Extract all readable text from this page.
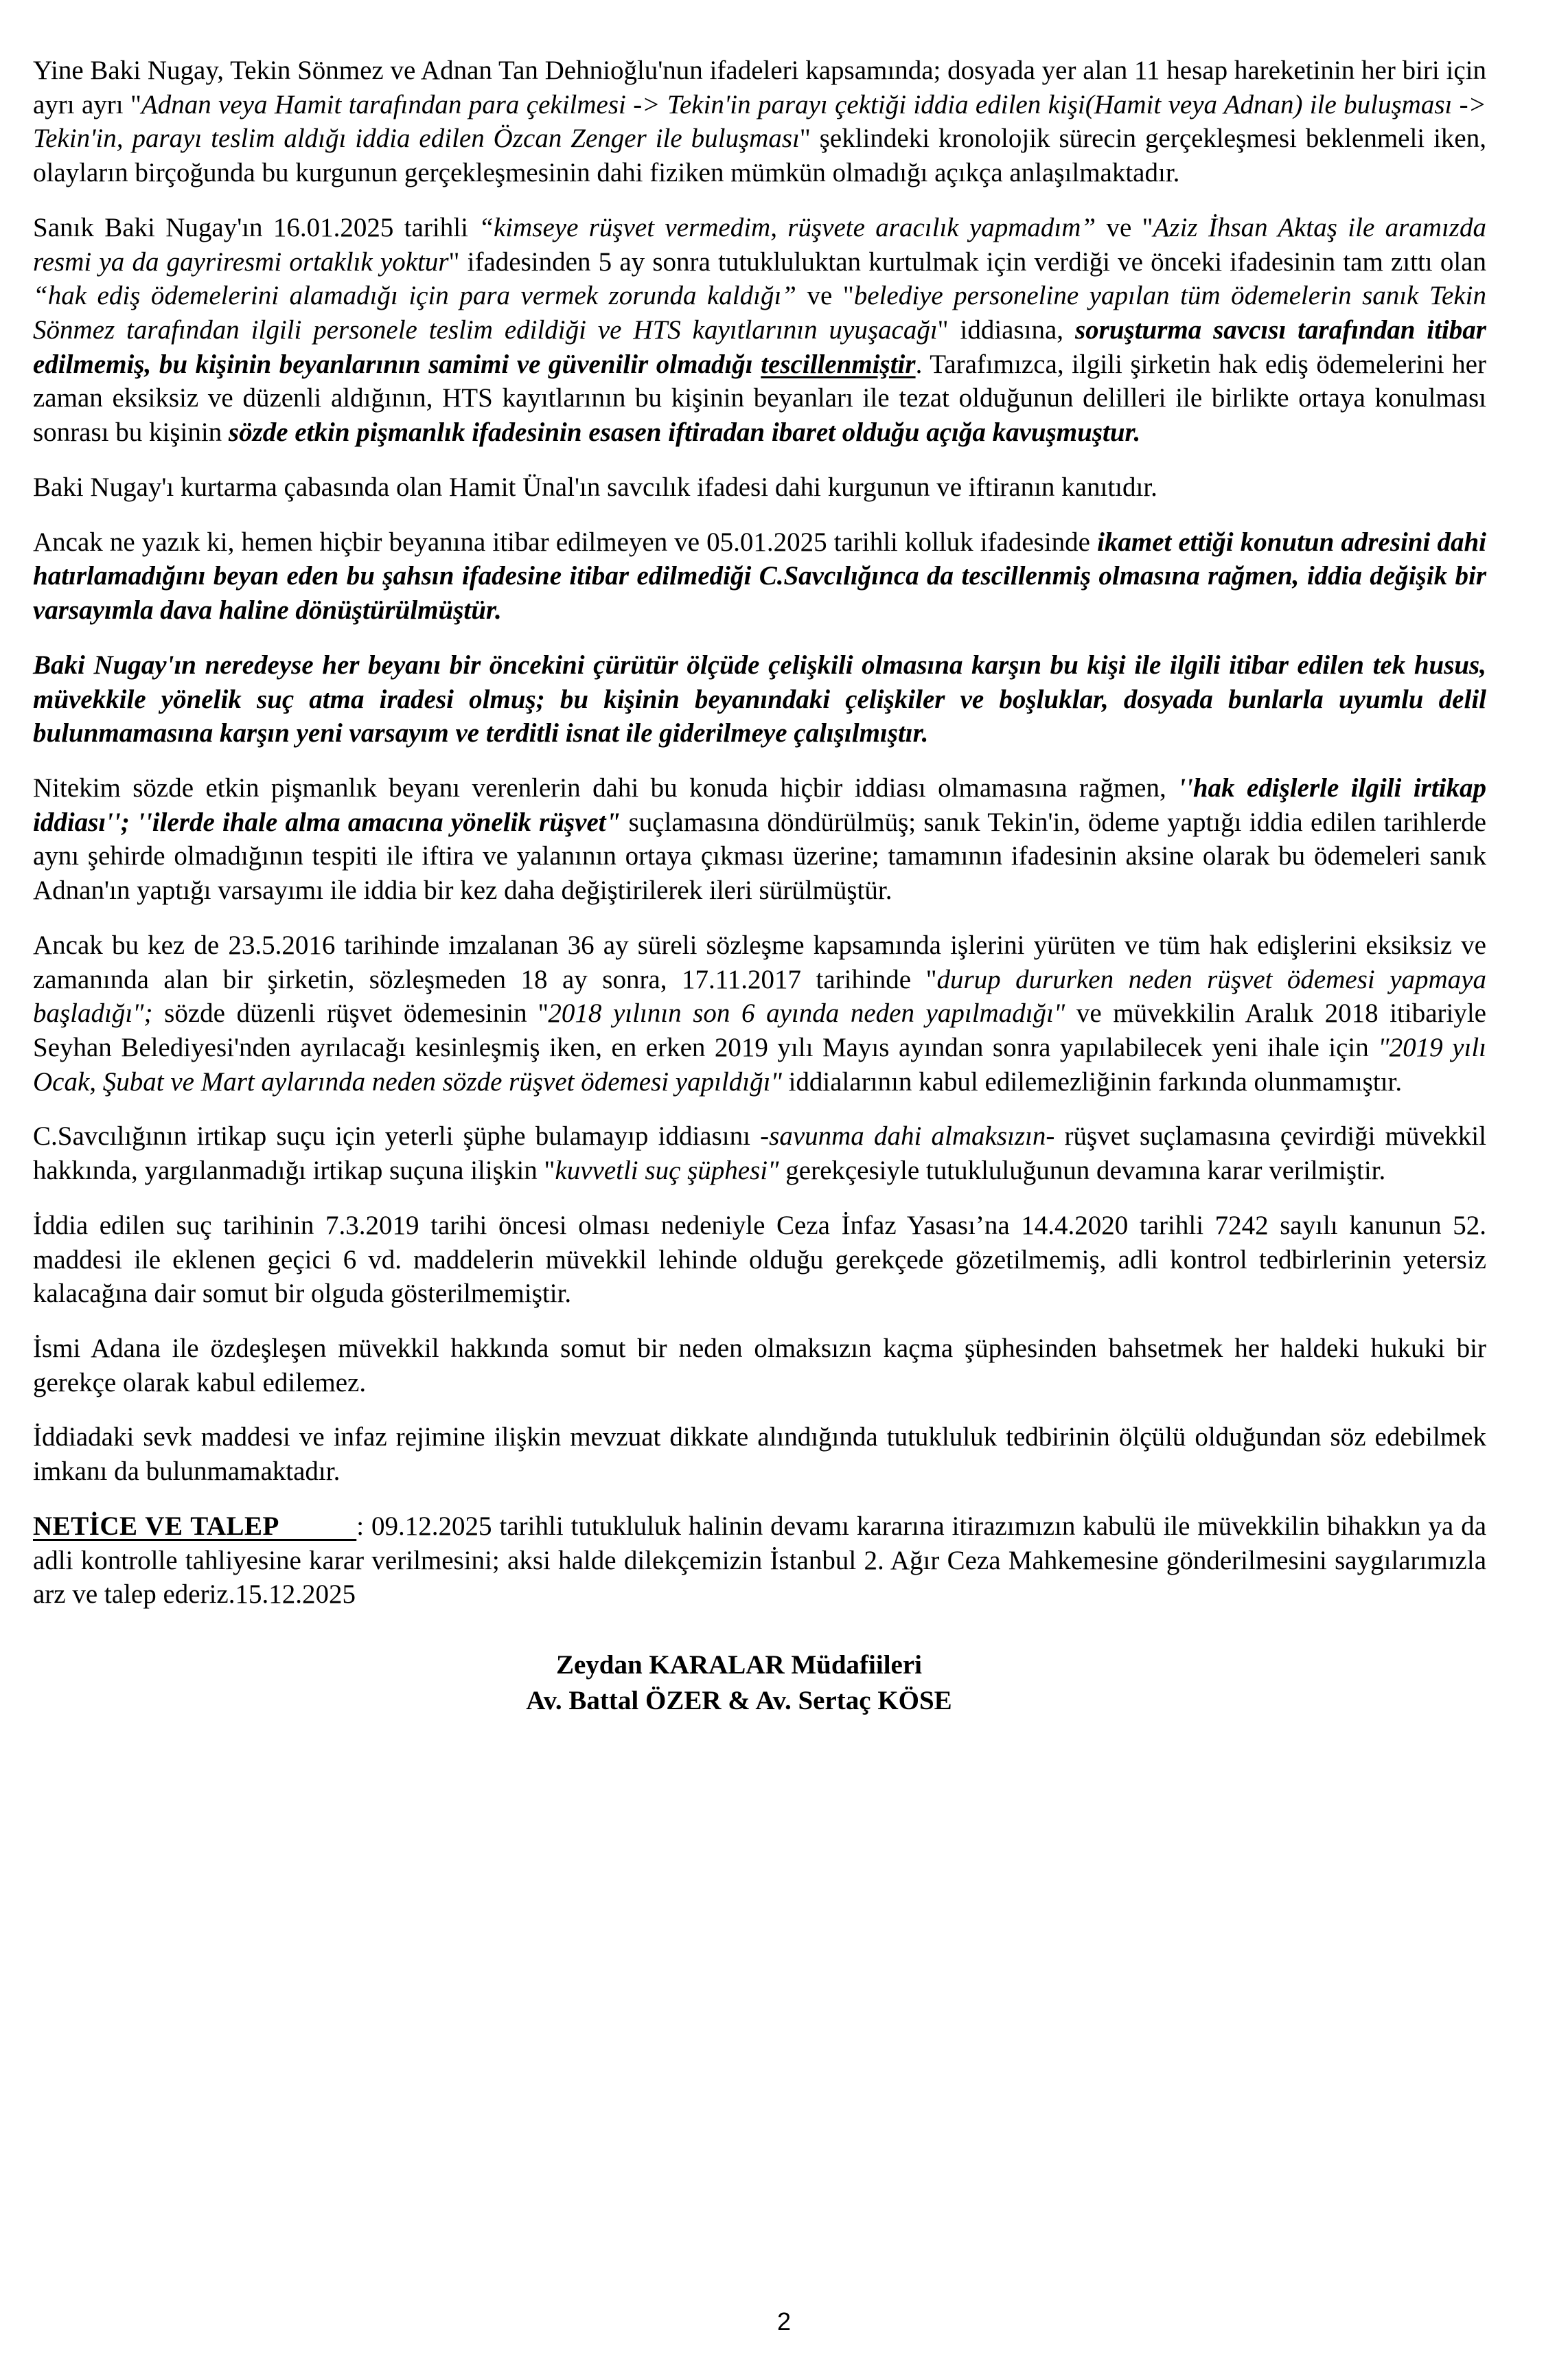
Yine Baki Nugay, Tekin Sönmez ve Adnan Tan Dehnioğlu'nun ifadeleri kapsamında; dosyada yer alan 11 hesap hareketinin her biri için ayrı ayrı "Adnan veya Hamit tarafından para çekilmesi -> Tekin'in parayı çektiği iddia edilen kişi(Hamit veya Adnan) ile buluşması -> Tekin'in, parayı teslim aldığı iddia edilen Özcan Zenger ile buluşması" şeklindeki kronolojik sürecin gerçekleşmesi beklenmeli iken, olayların birçoğunda bu kurgunun gerçekleşmesinin dahi fiziken mümkün olmadığı açıkça anlaşılmaktadır.

Sanık Baki Nugay'ın 16.01.2025 tarihli “kimseye rüşvet vermedim, rüşvete aracılık yapmadım” ve "Aziz İhsan Aktaş ile aramızda resmi ya da gayriresmi ortaklık yoktur" ifadesinden 5 ay sonra tutukluluktan kurtulmak için verdiği ve önceki ifadesinin tam zıttı olan “hak ediş ödemelerini alamadığı için para vermek zorunda kaldığı” ve "belediye personeline yapılan tüm ödemelerin sanık Tekin Sönmez tarafından ilgili personele teslim edildiği ve HTS kayıtlarının uyuşacağı" iddiasına, soruşturma savcısı tarafından itibar edilmemiş, bu kişinin beyanlarının samimi ve güvenilir olmadığı tescillenmiştir. Tarafımızca, ilgili şirketin hak ediş ödemelerini her zaman eksiksiz ve düzenli aldığının, HTS kayıtlarının bu kişinin beyanları ile tezat olduğunun delilleri ile birlikte ortaya konulması sonrası bu kişinin sözde etkin pişmanlık ifadesinin esasen iftiradan ibaret olduğu açığa kavuşmuştur.

Baki Nugay'ı kurtarma çabasında olan Hamit Ünal'ın savcılık ifadesi dahi kurgunun ve iftiranın kanıtıdır.

Ancak ne yazık ki, hemen hiçbir beyanına itibar edilmeyen ve 05.01.2025 tarihli kolluk ifadesinde ikamet ettiği konutun adresini dahi hatırlamadığını beyan eden bu şahsın ifadesine itibar edilmediği C.Savcılığınca da tescillenmiş olmasına rağmen, iddia değişik bir varsayımla dava haline dönüştürülmüştür.

Baki Nugay'ın neredeyse her beyanı bir öncekini çürütür ölçüde çelişkili olmasına karşın bu kişi ile ilgili itibar edilen tek husus, müvekkile yönelik suç atma iradesi olmuş; bu kişinin beyanındaki çelişkiler ve boşluklar, dosyada bunlarla uyumlu delil bulunmamasına karşın yeni varsayım ve terditli isnat ile giderilmeye çalışılmıştır.

Nitekim sözde etkin pişmanlık beyanı verenlerin dahi bu konuda hiçbir iddiası olmamasına rağmen, ''hak edişlerle ilgili irtikap iddiası''; ''ilerde ihale alma amacına yönelik rüşvet" suçlamasına döndürülmüş; sanık Tekin'in, ödeme yaptığı iddia edilen tarihlerde aynı şehirde olmadığının tespiti ile iftira ve yalanının ortaya çıkması üzerine; tamamının ifadesinin aksine olarak bu ödemeleri sanık Adnan'ın yaptığı varsayımı ile iddia bir kez daha değiştirilerek ileri sürülmüştür.

Ancak bu kez de 23.5.2016 tarihinde imzalanan 36 ay süreli sözleşme kapsamında işlerini yürüten ve tüm hak edişlerini eksiksiz ve zamanında alan bir şirketin, sözleşmeden 18 ay sonra, 17.11.2017 tarihinde "durup dururken neden rüşvet ödemesi yapmaya başladığı"; sözde düzenli rüşvet ödemesinin ''2018 yılının son 6 ayında neden yapılmadığı" ve müvekkilin Aralık 2018 itibariyle Seyhan Belediyesi'nden ayrılacağı kesinleşmiş iken, en erken 2019 yılı Mayıs ayından sonra yapılabilecek yeni ihale için "2019 yılı Ocak, Şubat ve Mart aylarında neden sözde rüşvet ödemesi yapıldığı" iddialarının kabul edilemezliğinin farkında olunmamıştır.

C.Savcılığının irtikap suçu için yeterli şüphe bulamayıp iddiasını -savunma dahi almaksızın- rüşvet suçlamasına çevirdiği müvekkil hakkında, yargılanmadığı irtikap suçuna ilişkin "kuvvetli suç şüphesi" gerekçesiyle tutukluluğunun devamına karar verilmiştir.

İddia edilen suç tarihinin 7.3.2019 tarihi öncesi olması nedeniyle Ceza İnfaz Yasası’na 14.4.2020 tarihli 7242 sayılı kanunun 52. maddesi ile eklenen geçici 6 vd. maddelerin müvekkil lehinde olduğu gerekçede gözetilmemiş, adli kontrol tedbirlerinin yetersiz kalacağına dair somut bir olguda gösterilmemiştir.

İsmi Adana ile özdeşleşen müvekkil hakkında somut bir neden olmaksızın kaçma şüphesinden bahsetmek her haldeki hukuki bir gerekçe olarak kabul edilemez.

İddiadaki sevk maddesi ve infaz rejimine ilişkin mevzuat dikkate alındığında tutukluluk tedbirinin ölçülü olduğundan söz edebilmek imkanı da bulunmamaktadır.

NETİCE VE TALEP          : 09.12.2025 tarihli tutukluluk halinin devamı kararına itirazımızın kabulü ile müvekkilin bihakkın ya da adli kontrolle tahliyesine karar verilmesini; aksi halde dilekçemizin İstanbul 2. Ağır Ceza Mahkemesine gönderilmesini saygılarımızla arz ve talep ederiz.15.12.2025

Zeydan KARALAR Müdafiileri
Av. Battal ÖZER & Av. Sertaç KÖSE
2
